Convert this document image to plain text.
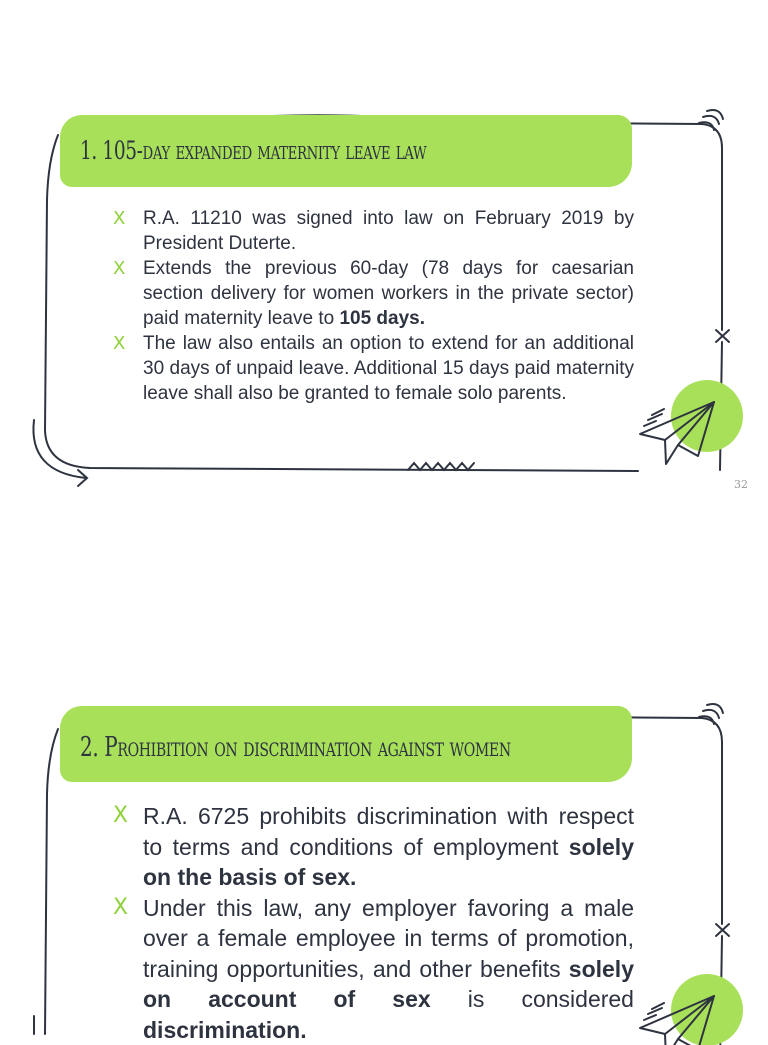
1. 105-day expanded maternity leave law
X R.A. 11210 was signed into law on February 2019 by President Duterte.
X Extends the previous 60-day (78 days for caesarian section delivery for women workers in the private sector) paid maternity leave to 105 days.
X The law also entails an option to extend for an additional 30 days of unpaid leave. Additional 15 days paid maternity leave shall also be granted to female solo parents.
32
2. Prohibition on discrimination against women
X R.A. 6725 prohibits discrimination with respect to terms and conditions of employment solely on the basis of sex.
X Under this law, any employer favoring a male over a female employee in terms of promotion, training opportunities, and other benefits solely on account of sex is considered discrimination.
